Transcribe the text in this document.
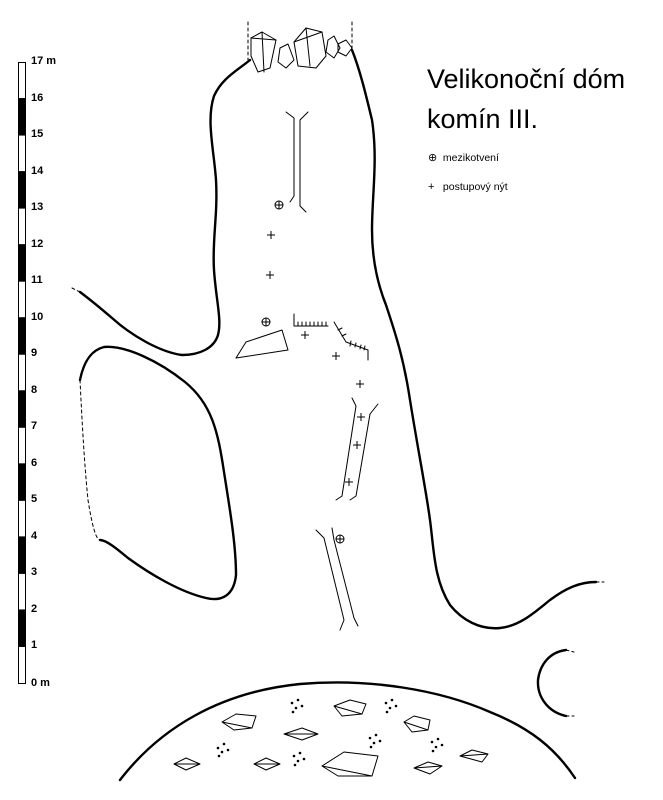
Velikonoční dóm
komín III.
⊕ mezikotvení
+ postupový nýt
17 m
0 m
16
15
14
13
12
11
10
9
8
7
6
5
4
3
2
1
